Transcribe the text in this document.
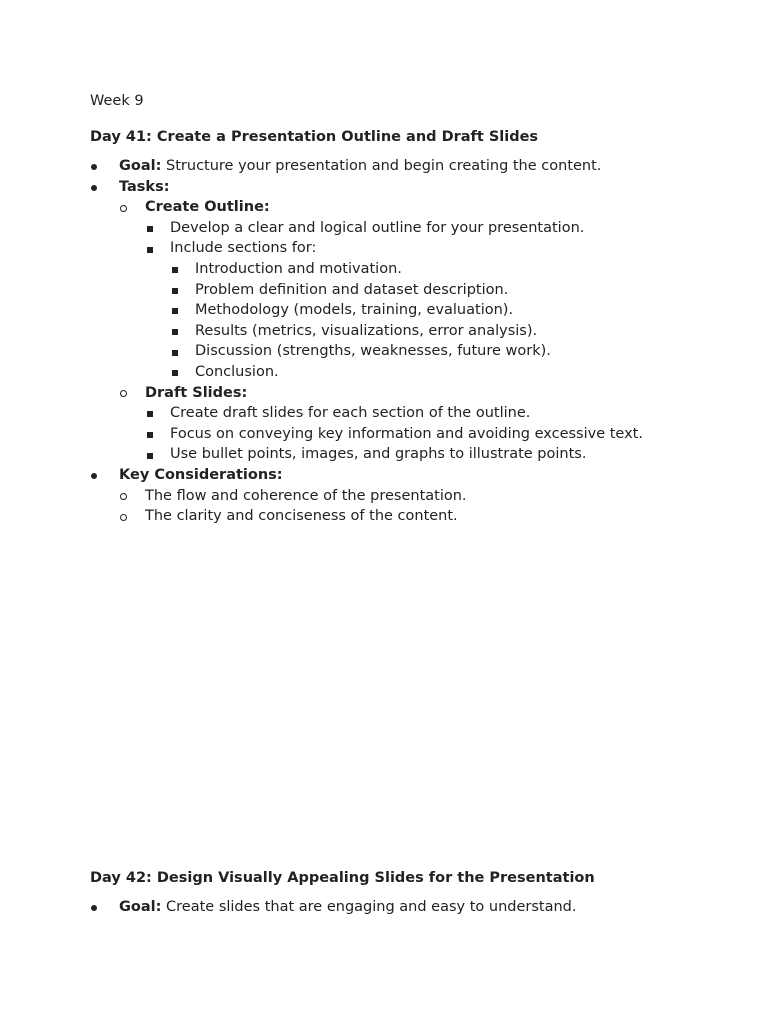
Week 9
Day 41: Create a Presentation Outline and Draft Slides
Goal: Structure your presentation and begin creating the content.
Tasks:
Create Outline:
Develop a clear and logical outline for your presentation.
Include sections for:
Introduction and motivation.
Problem definition and dataset description.
Methodology (models, training, evaluation).
Results (metrics, visualizations, error analysis).
Discussion (strengths, weaknesses, future work).
Conclusion.
Draft Slides:
Create draft slides for each section of the outline.
Focus on conveying key information and avoiding excessive text.
Use bullet points, images, and graphs to illustrate points.
Key Considerations:
The flow and coherence of the presentation.
The clarity and conciseness of the content.
Day 42: Design Visually Appealing Slides for the Presentation
Goal: Create slides that are engaging and easy to understand.
